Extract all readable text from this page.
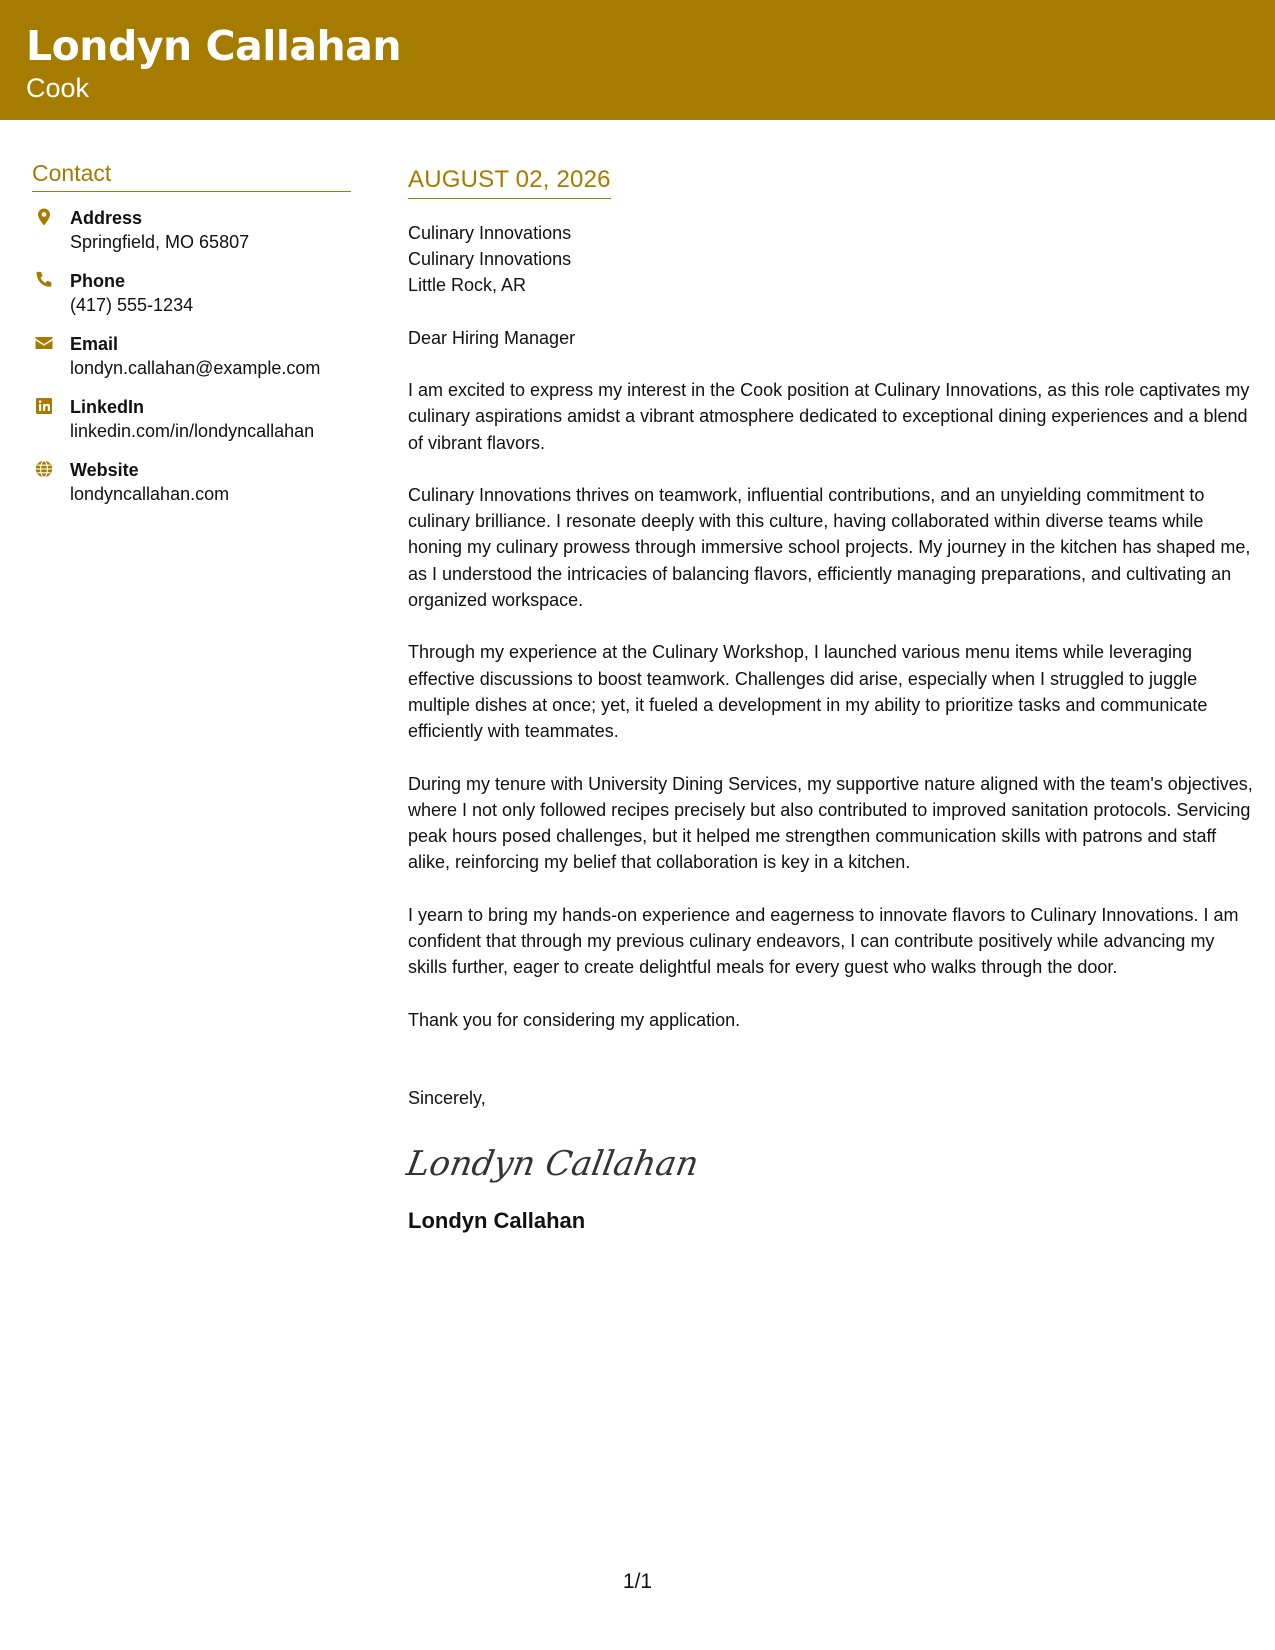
Londyn Callahan
Cook
Contact
Address
Springfield, MO 65807
Phone
(417) 555-1234
Email
londyn.callahan@example.com
LinkedIn
linkedin.com/in/londyncallahan
Website
londyncallahan.com
AUGUST 02, 2026
Culinary Innovations
Culinary Innovations
Little Rock, AR
Dear Hiring Manager
I am excited to express my interest in the Cook position at Culinary Innovations, as this role captivates my culinary aspirations amidst a vibrant atmosphere dedicated to exceptional dining experiences and a blend of vibrant flavors.
Culinary Innovations thrives on teamwork, influential contributions, and an unyielding commitment to culinary brilliance. I resonate deeply with this culture, having collaborated within diverse teams while honing my culinary prowess through immersive school projects. My journey in the kitchen has shaped me, as I understood the intricacies of balancing flavors, efficiently managing preparations, and cultivating an organized workspace.
Through my experience at the Culinary Workshop, I launched various menu items while leveraging effective discussions to boost teamwork. Challenges did arise, especially when I struggled to juggle multiple dishes at once; yet, it fueled a development in my ability to prioritize tasks and communicate efficiently with teammates.
During my tenure with University Dining Services, my supportive nature aligned with the team's objectives, where I not only followed recipes precisely but also contributed to improved sanitation protocols. Servicing peak hours posed challenges, but it helped me strengthen communication skills with patrons and staff alike, reinforcing my belief that collaboration is key in a kitchen.
I yearn to bring my hands-on experience and eagerness to innovate flavors to Culinary Innovations. I am confident that through my previous culinary endeavors, I can contribute positively while advancing my skills further, eager to create delightful meals for every guest who walks through the door.
Thank you for considering my application.
Sincerely,
Londyn Callahan
Londyn Callahan
1/1
